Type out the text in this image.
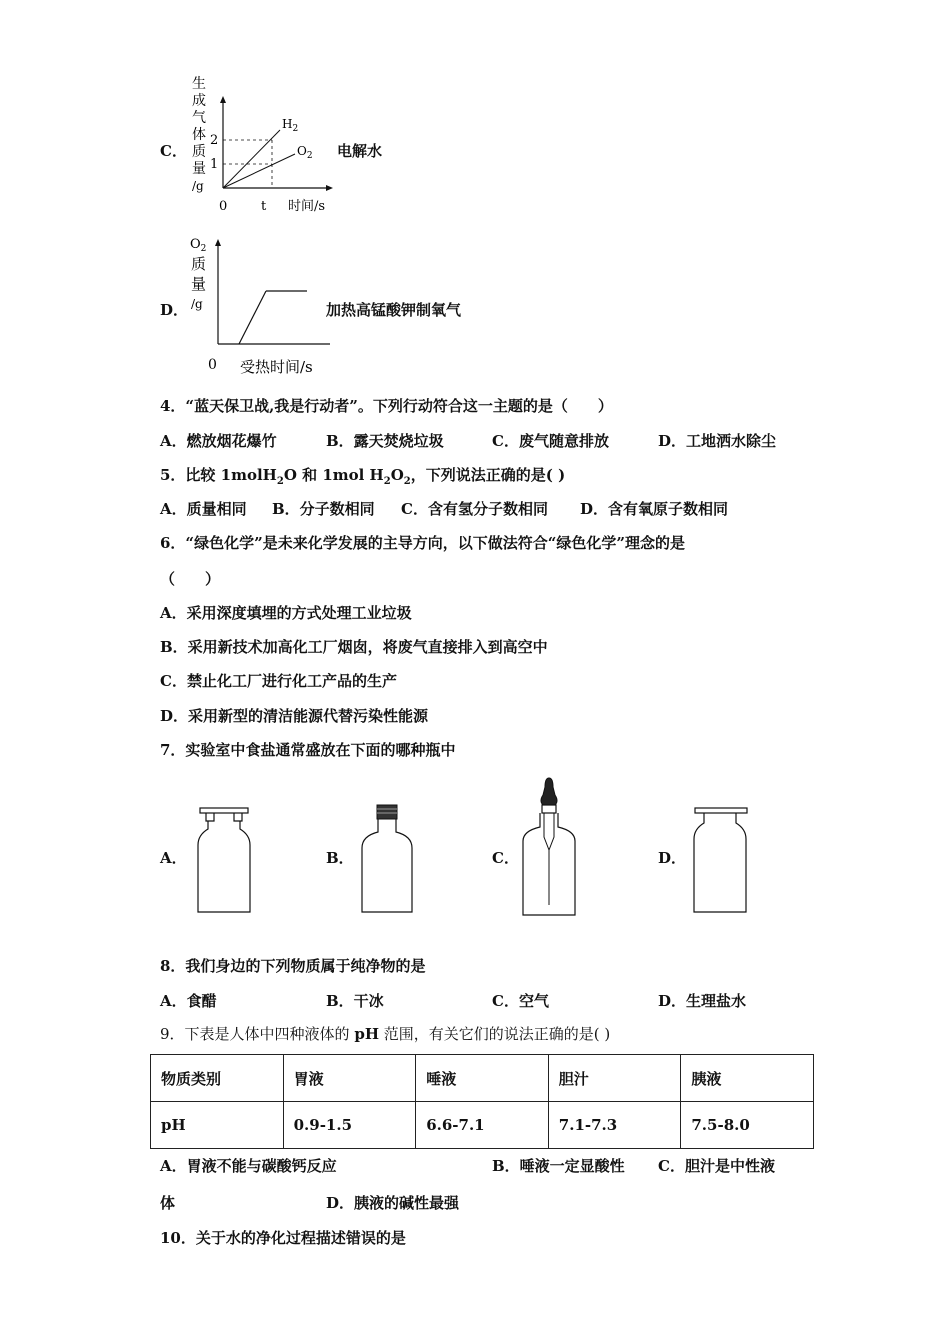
C．
生
成
气
体
质
量
/g
2
1
0	t 时间/s
$H_2$
$O_2$ 电解水
D．
$O_2$
质
量
/g
0 受热时间/s
加热高锰酸钾制氧气
4．“蓝天保卫战,我是行动者”。下列行动符合这一主题的是（　　）
A．燃放烟花爆竹	B．露天焚烧垃圾	C．废气随意排放	D．工地洒水除尘
5．比较 1molH$_2$O 和 1mol $H_2O_2$，下列说法正确的是( )
A．质量相同 B．分子数相同 C．含有氢分子数相同 D．含有氧原子数相同
6．“绿色化学”是未来化学发展的主导方向，以下做法符合“绿色化学”理念的是
（　　）
A．采用深度填埋的方式处理工业垃圾
B．采用新技术加高化工厂烟囱，将废气直接排入到高空中
C．禁止化工厂进行化工产品的生产
D．采用新型的清洁能源代替污染性能源
7．实验室中食盐通常盛放在下面的哪种瓶中
A．	B．	C．	D．
8．我们身边的下列物质属于纯净物的是
A．食醋	B．干冰	C．空气	D．生理盐水
9．下表是人体中四种液体的 pH 范围，有关它们的说法正确的是( )
物质类别	胃液	唾液	胆汁	胰液
pH	0.9-1.5	6.6-7.1	7.1-7.3	7.5-8.0
A．胃液不能与碳酸钙反应	B．唾液一定显酸性 C．胆汁是中性液
体	D．胰液的碱性最强
10．关于水的净化过程描述错误的是
